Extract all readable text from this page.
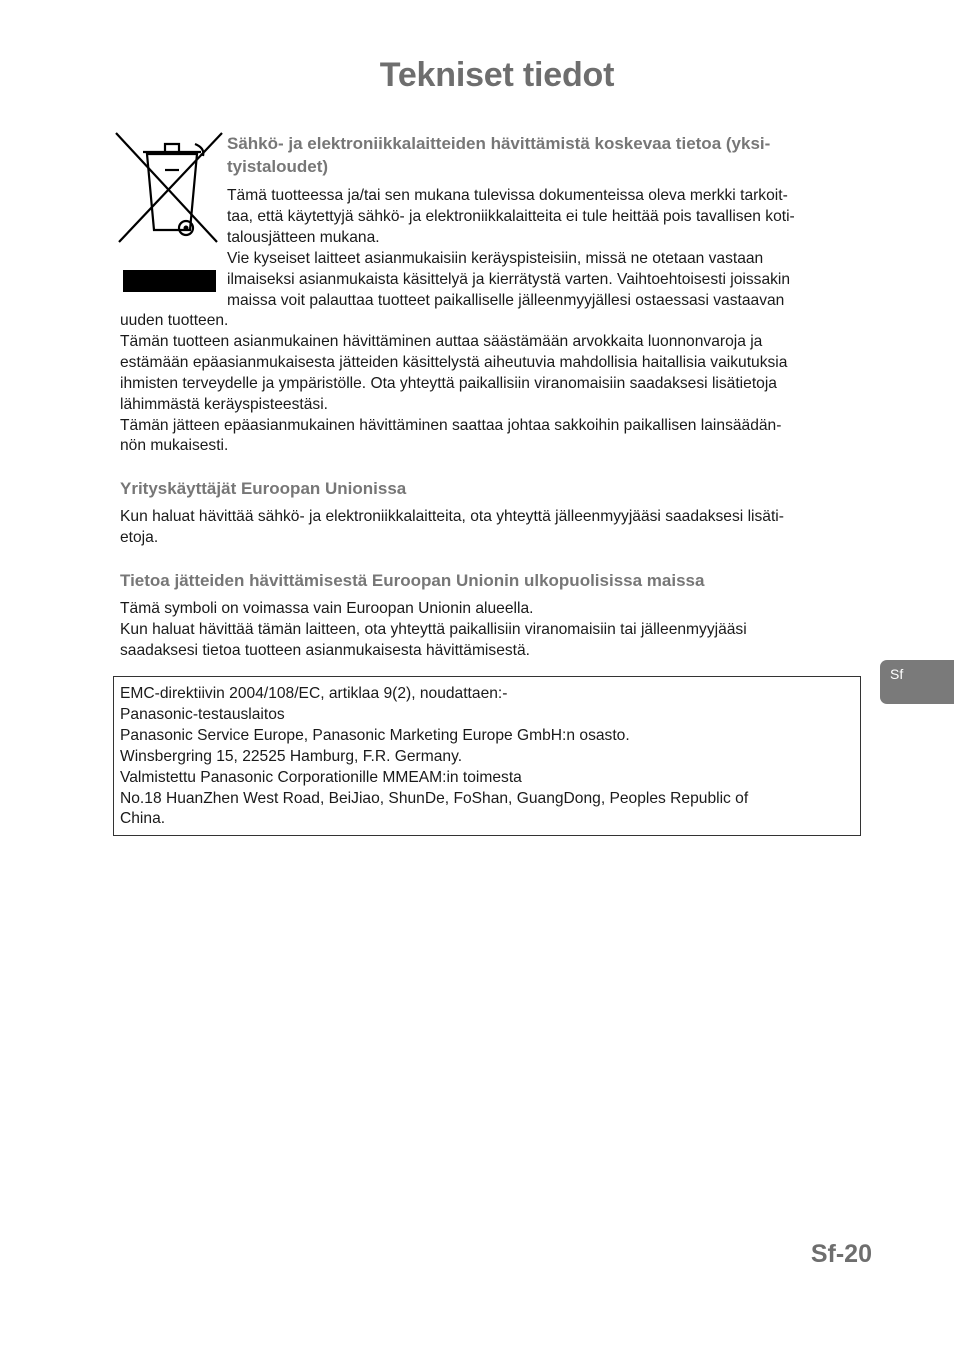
Tekniset tiedot
Sähkö- ja elektroniikkalaitteiden hävittämistä koskevaa tietoa (yksi-
tyistaloudet)
Tämä tuotteessa ja/tai sen mukana tulevissa dokumenteissa oleva merkki tarkoit-
taa, että käytettyjä sähkö- ja elektroniikkalaitteita ei tule heittää pois tavallisen koti-
talousjätteen mukana.
Vie kyseiset laitteet asianmukaisiin keräyspisteisiin, missä ne otetaan vastaan
ilmaiseksi asianmukaista käsittelyä ja kierrätystä varten. Vaihtoehtoisesti joissakin
maissa voit palauttaa tuotteet paikalliselle jälleenmyyjällesi ostaessasi vastaavan
uuden tuotteen.
Tämän tuotteen asianmukainen hävittäminen auttaa säästämään arvokkaita luonnonvaroja ja
estämään epäasianmukaisesta jätteiden käsittelystä aiheutuvia mahdollisia haitallisia vaikutuksia
ihmisten terveydelle ja ympäristölle. Ota yhteyttä paikallisiin viranomaisiin saadaksesi lisätietoja
lähimmästä keräyspisteestäsi.
Tämän jätteen epäasianmukainen hävittäminen saattaa johtaa sakkoihin paikallisen lainsäädän-
nön mukaisesti.
Yrityskäyttäjät Euroopan Unionissa
Kun haluat hävittää sähkö- ja elektroniikkalaitteita, ota yhteyttä jälleenmyyjääsi saadaksesi lisäti-
etoja.
Tietoa jätteiden hävittämisestä Euroopan Unionin ulkopuolisissa maissa
Tämä symboli on voimassa vain Euroopan Unionin alueella.
Kun haluat hävittää tämän laitteen, ota yhteyttä paikallisiin viranomaisiin tai jälleenmyyjääsi
saadaksesi tietoa tuotteen asianmukaisesta hävittämisestä.
EMC-direktiivin 2004/108/EC, artiklaa 9(2), noudattaen:-
Panasonic-testauslaitos
Panasonic Service Europe, Panasonic Marketing Europe GmbH:n osasto.
Winsbergring 15, 22525 Hamburg, F.R. Germany.
Valmistettu Panasonic Corporationille MMEAM:in toimesta
No.18 HuanZhen West Road, BeiJiao, ShunDe, FoShan, GuangDong, Peoples Republic of
China.
Sf
Sf-20
